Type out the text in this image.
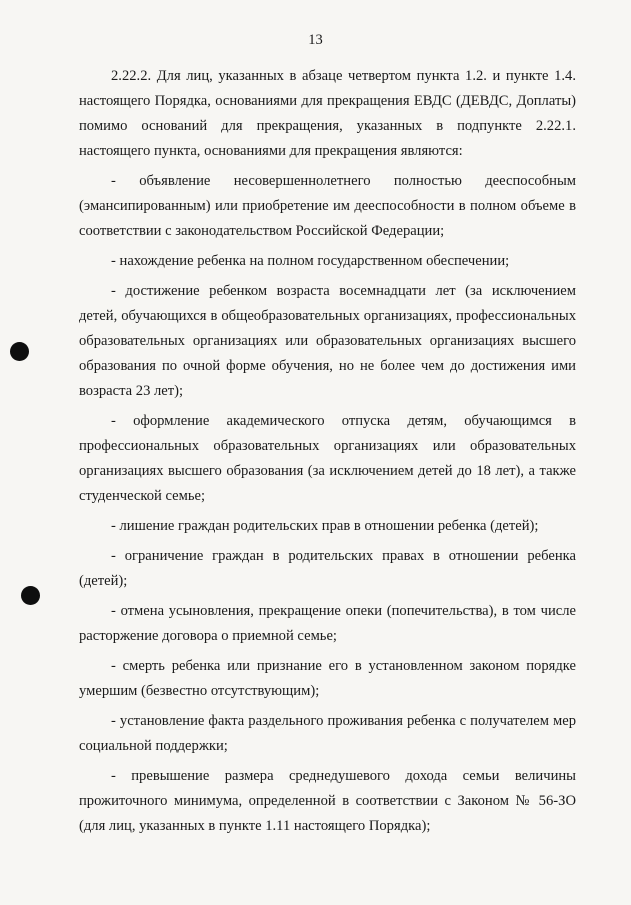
13

2.22.2. Для лиц, указанных в абзаце четвертом пункта 1.2. и пункте 1.4. настоящего Порядка, основаниями для прекращения ЕВДС (ДЕВДС, Доплаты) помимо оснований для прекращения, указанных в подпункте 2.22.1. настоящего пункта, основаниями для прекращения являются:

- объявление несовершеннолетнего полностью дееспособным (эмансипированным) или приобретение им дееспособности в полном объеме в соответствии с законодательством Российской Федерации;

- нахождение ребенка на полном государственном обеспечении;

- достижение ребенком возраста восемнадцати лет (за исключением детей, обучающихся в общеобразовательных организациях, профессиональных образовательных организациях или образовательных организациях высшего образования по очной форме обучения, но не более чем до достижения ими возраста 23 лет);

- оформление академического отпуска детям, обучающимся в профессиональных образовательных организациях или образовательных организациях высшего образования (за исключением детей до 18 лет), а также студенческой семье;

- лишение граждан родительских прав в отношении ребенка (детей);

- ограничение граждан в родительских правах в отношении ребенка (детей);

- отмена усыновления, прекращение опеки (попечительства), в том числе расторжение договора о приемной семье;

- смерть ребенка или признание его в установленном законом порядке умершим (безвестно отсутствующим);

- установление факта раздельного проживания ребенка с получателем мер социальной поддержки;

- превышение размера среднедушевого дохода семьи величины прожиточного минимума, определенной в соответствии с Законом № 56-ЗО (для лиц, указанных в пункте 1.11 настоящего Порядка);
